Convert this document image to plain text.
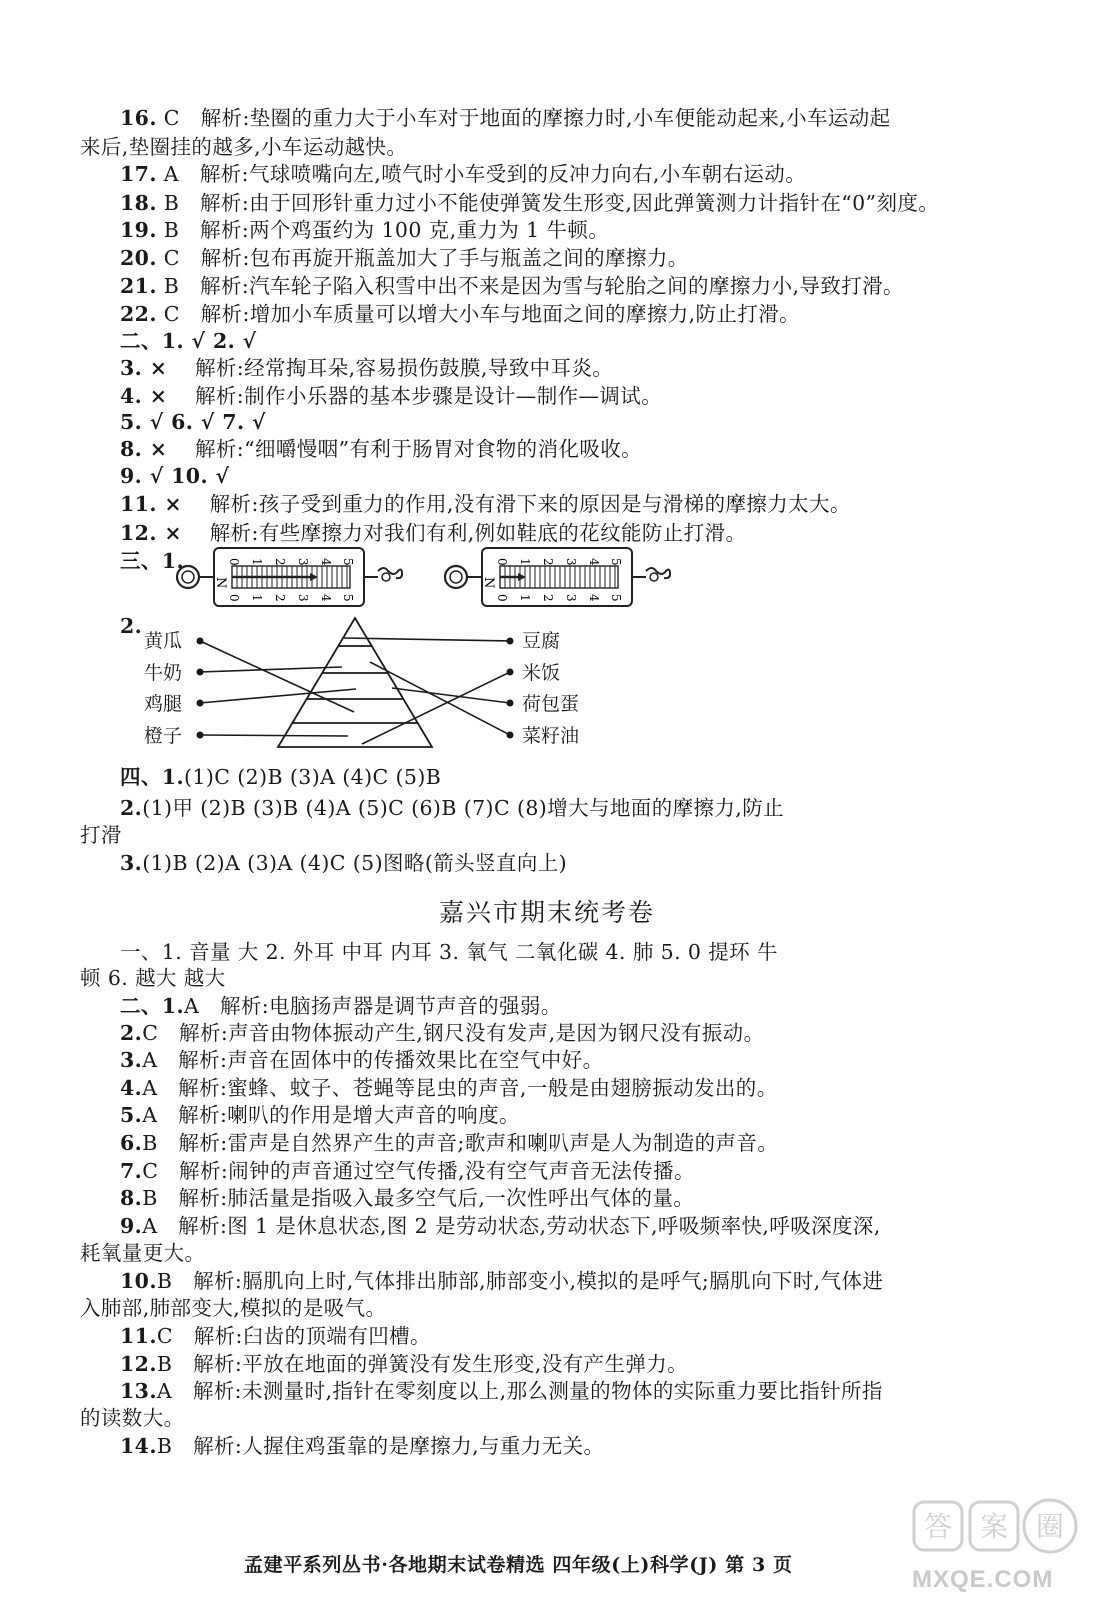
16. C 解析:垫圈的重力大于小车对于地面的摩擦力时,小车便能动起来,小车运动起
来后,垫圈挂的越多,小车运动越快。
17. A 解析:气球喷嘴向左,喷气时小车受到的反冲力向右,小车朝右运动。
18. B 解析:由于回形针重力过小不能使弹簧发生形变,因此弹簧测力计指针在“0”刻度。
19. B 解析:两个鸡蛋约为 100 克,重力为 1 牛顿。
20. C 解析:包布再旋开瓶盖加大了手与瓶盖之间的摩擦力。
21. B 解析:汽车轮子陷入积雪中出不来是因为雪与轮胎之间的摩擦力小,导致打滑。
22. C 解析:增加小车质量可以增大小车与地面之间的摩擦力,防止打滑。
二、1. √ 2. √
3. × 解析:经常掏耳朵,容易损伤鼓膜,导致中耳炎。
4. × 解析:制作小乐器的基本步骤是设计—制作—调试。
5. √ 6. √ 7. √
8. × 解析:“细嚼慢咽”有利于肠胃对食物的消化吸收。
9. √ 10. √
11. × 解析:孩子受到重力的作用,没有滑下来的原因是与滑梯的摩擦力太大。
12. × 解析:有些摩擦力对我们有利,例如鞋底的花纹能防止打滑。
三、1.
N
0 1 2 3 4 5
0 1 2 3 4 5
N
0 1 2 3 4 5
0 1 2 3 4 5
2.
黄瓜
牛奶
鸡腿
橙子
豆腐
米饭
荷包蛋
菜籽油
四、1.(1)C (2)B (3)A (4)C (5)B
2.(1)甲 (2)B (3)B (4)A (5)C (6)B (7)C (8)增大与地面的摩擦力,防止
打滑
3.(1)B (2)A (3)A (4)C (5)图略(箭头竖直向上)
嘉兴市期末统考卷
一、1. 音量 大 2. 外耳 中耳 内耳 3. 氧气 二氧化碳 4. 肺 5. 0 提环 牛
顿 6. 越大 越大
二、1.A 解析:电脑扬声器是调节声音的强弱。
2.C 解析:声音由物体振动产生,钢尺没有发声,是因为钢尺没有振动。
3.A 解析:声音在固体中的传播效果比在空气中好。
4.A 解析:蜜蜂、蚊子、苍蝇等昆虫的声音,一般是由翅膀振动发出的。
5.A 解析:喇叭的作用是增大声音的响度。
6.B 解析:雷声是自然界产生的声音;歌声和喇叭声是人为制造的声音。
7.C 解析:闹钟的声音通过空气传播,没有空气声音无法传播。
8.B 解析:肺活量是指吸入最多空气后,一次性呼出气体的量。
9.A 解析:图 1 是休息状态,图 2 是劳动状态,劳动状态下,呼吸频率快,呼吸深度深,
耗氧量更大。
10.B 解析:膈肌向上时,气体排出肺部,肺部变小,模拟的是呼气;膈肌向下时,气体进
入肺部,肺部变大,模拟的是吸气。
11.C 解析:臼齿的顶端有凹槽。
12.B 解析:平放在地面的弹簧没有发生形变,没有产生弹力。
13.A 解析:未测量时,指针在零刻度以上,那么测量的物体的实际重力要比指针所指
的读数大。
14.B 解析:人握住鸡蛋靠的是摩擦力,与重力无关。
孟建平系列丛书·各地期末试卷精选 四年级(上)科学(J) 第 3 页
答 案 圈
MXQE.COM
